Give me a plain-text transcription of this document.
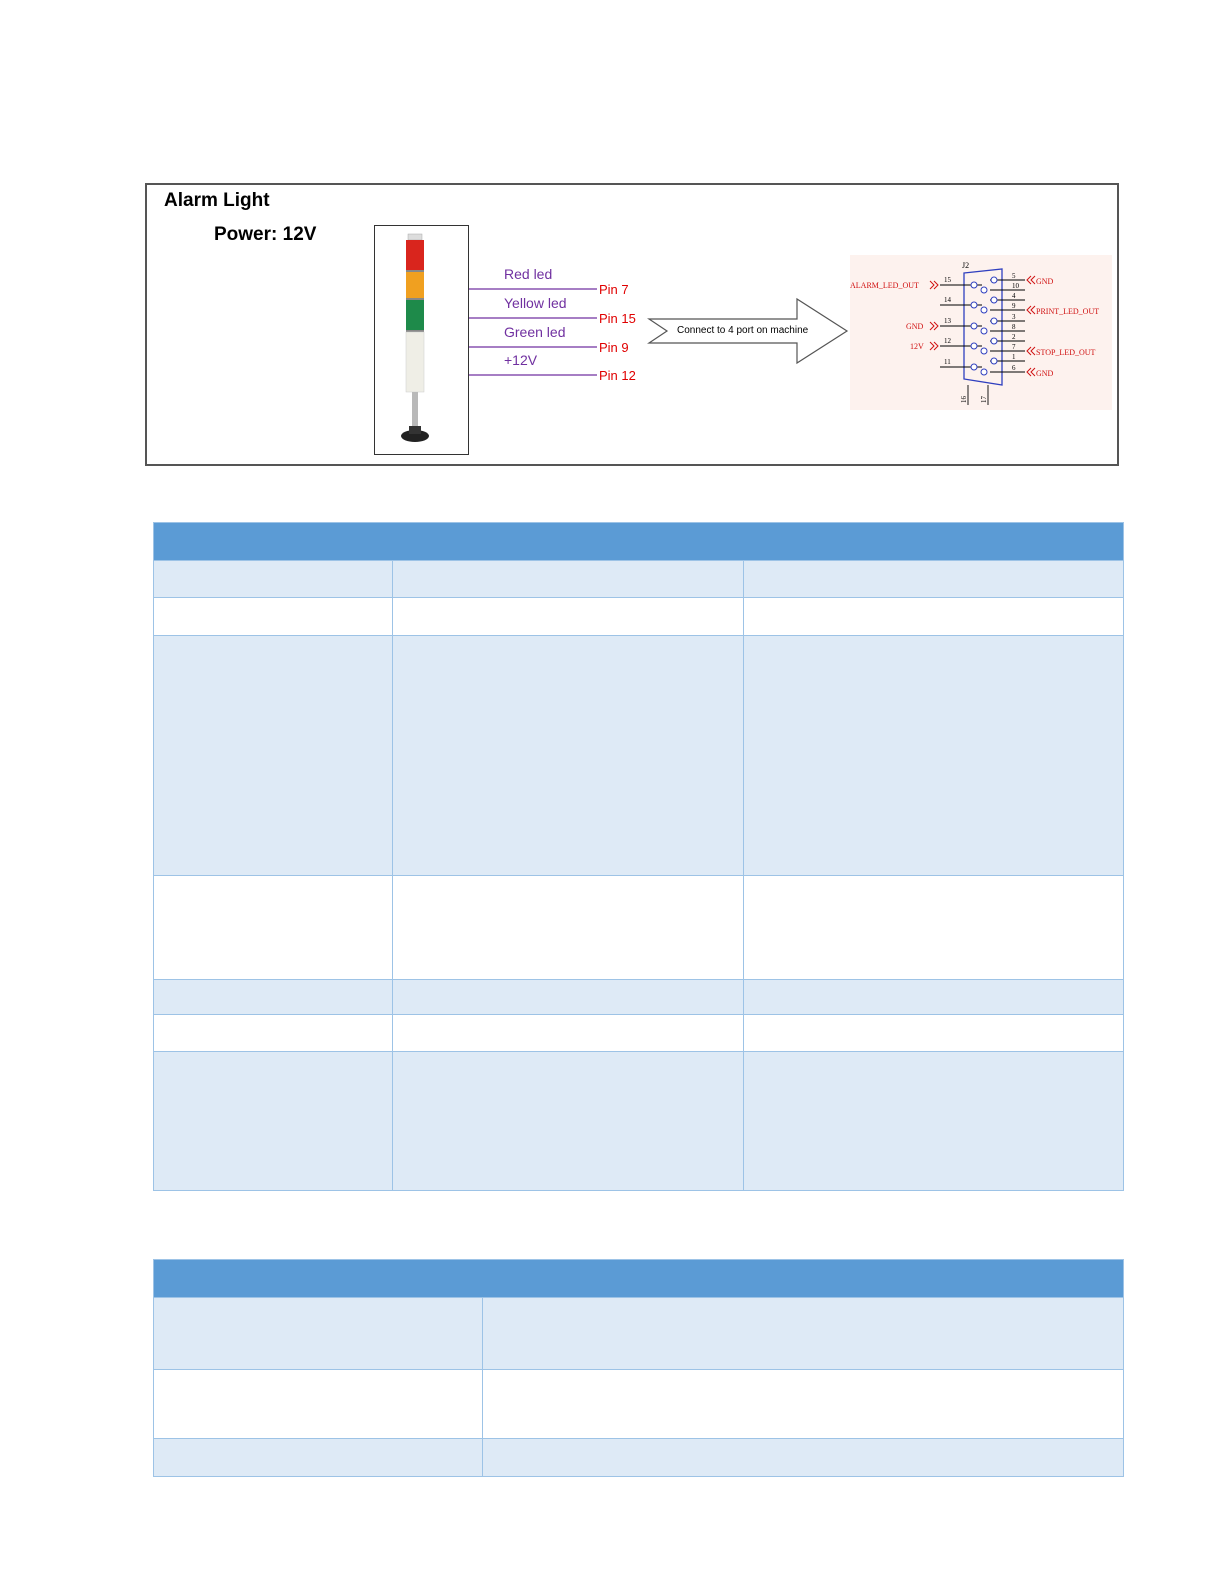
Alarm Light
Power: 12V
Red led
Yellow led
Green led
+12V
Pin 7
Pin 15
Pin 9
Pin 12
Connect to 4 port on machine
J2
15
14
13
12
11
5
10
4
9
3
8
2
7
1
6
16 17
ALARM_LED_OUT
GND
12V
GND
PRINT_LED_OUT
STOP_LED_OUT
GND
